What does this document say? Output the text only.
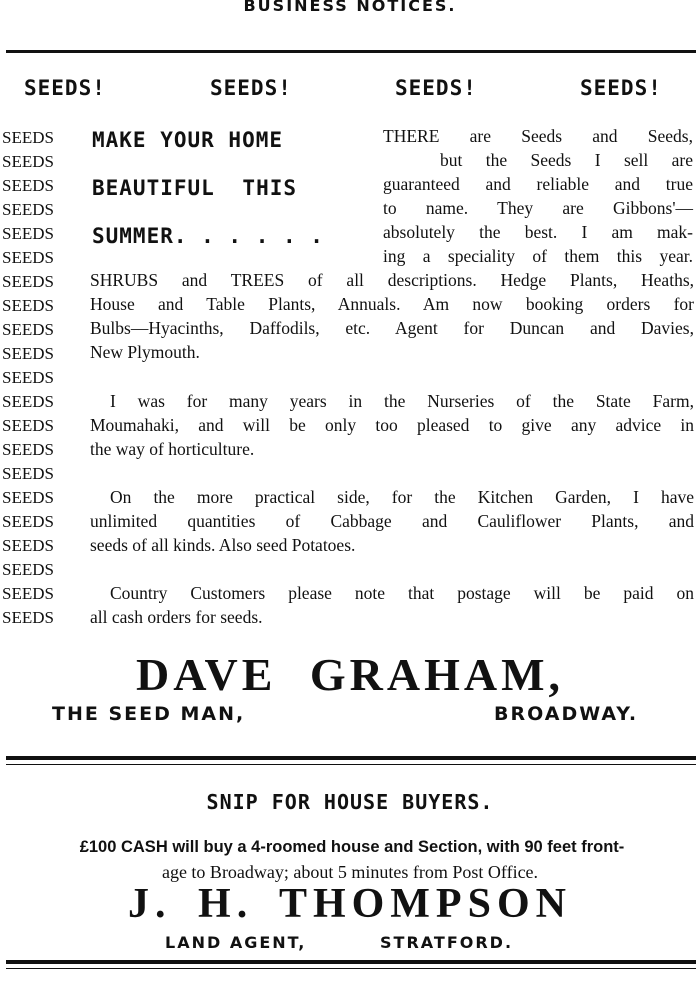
BUSINESS NOTICES.
SEEDS!	SEEDS!	SEEDS!	SEEDS!
SEEDS
SEEDS
SEEDS
SEEDS
SEEDS
SEEDS
SEEDS
SEEDS
SEEDS
SEEDS
SEEDS
SEEDS
SEEDS
SEEDS
SEEDS
SEEDS
SEEDS
SEEDS
SEEDS
SEEDS
SEEDS
MAKE YOUR HOME
BEAUTIFUL THIS
SUMMER. . . . . .
THERE are Seeds and Seeds,
but the Seeds I sell are
guaranteed and reliable and true
to name. They are Gibbons'—
absolutely the best. I am mak-
ing a speciality of them this year.
SHRUBS and TREES of all descriptions. Hedge Plants, Heaths,
House and Table Plants, Annuals. Am now booking orders for
Bulbs—Hyacinths, Daffodils, etc. Agent for Duncan and Davies,
New Plymouth.
I was for many years in the Nurseries of the State Farm,
Moumahaki, and will be only too pleased to give any advice in
the way of horticulture.
On the more practical side, for the Kitchen Garden, I have
unlimited quantities of Cabbage and Cauliflower Plants, and
seeds of all kinds. Also seed Potatoes.
Country Customers please note that postage will be paid on
all cash orders for seeds.
DAVE GRAHAM,
THE SEED MAN,	BROADWAY.
SNIP FOR HOUSE BUYERS.
£100 CASH will buy a 4-roomed house and Section, with 90 feet front-
age to Broadway; about 5 minutes from Post Office.
J. H. THOMPSON
LAND AGENT,	STRATFORD.
